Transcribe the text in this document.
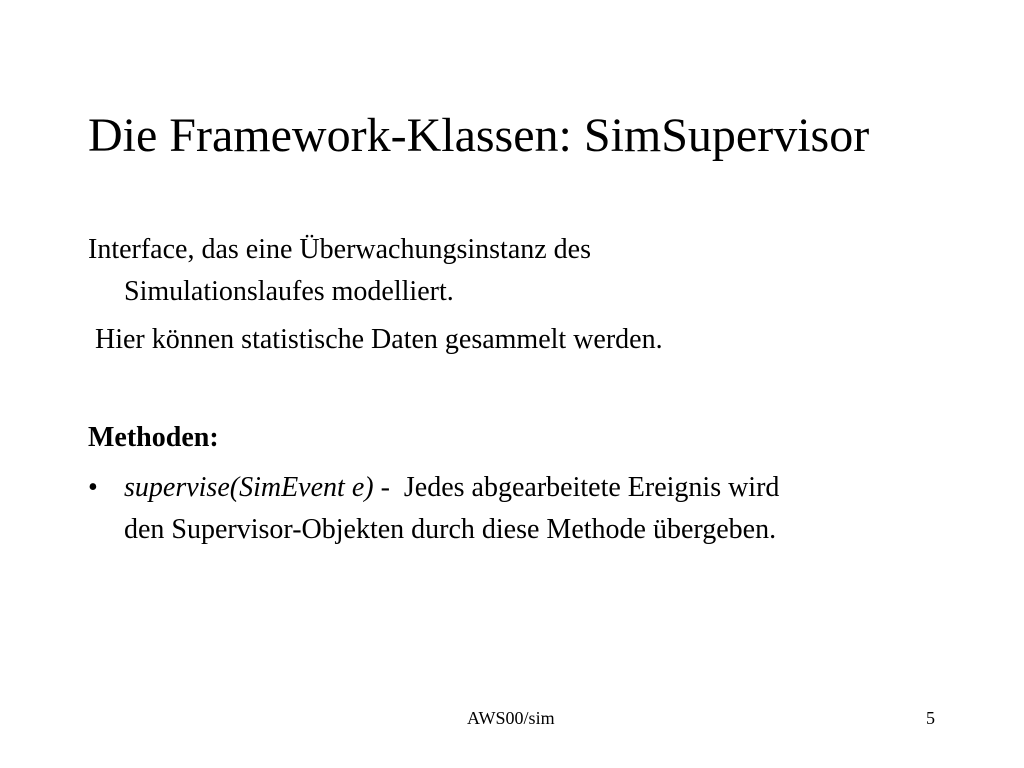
Die Framework-Klassen: SimSupervisor
Interface, das eine Überwachungsinstanz des
Simulationslaufes modelliert.
Hier können statistische Daten gesammelt werden.
Methoden:
• supervise(SimEvent e) -  Jedes abgearbeitete Ereignis wird
den Supervisor-Objekten durch diese Methode übergeben.
AWS00/sim	5
